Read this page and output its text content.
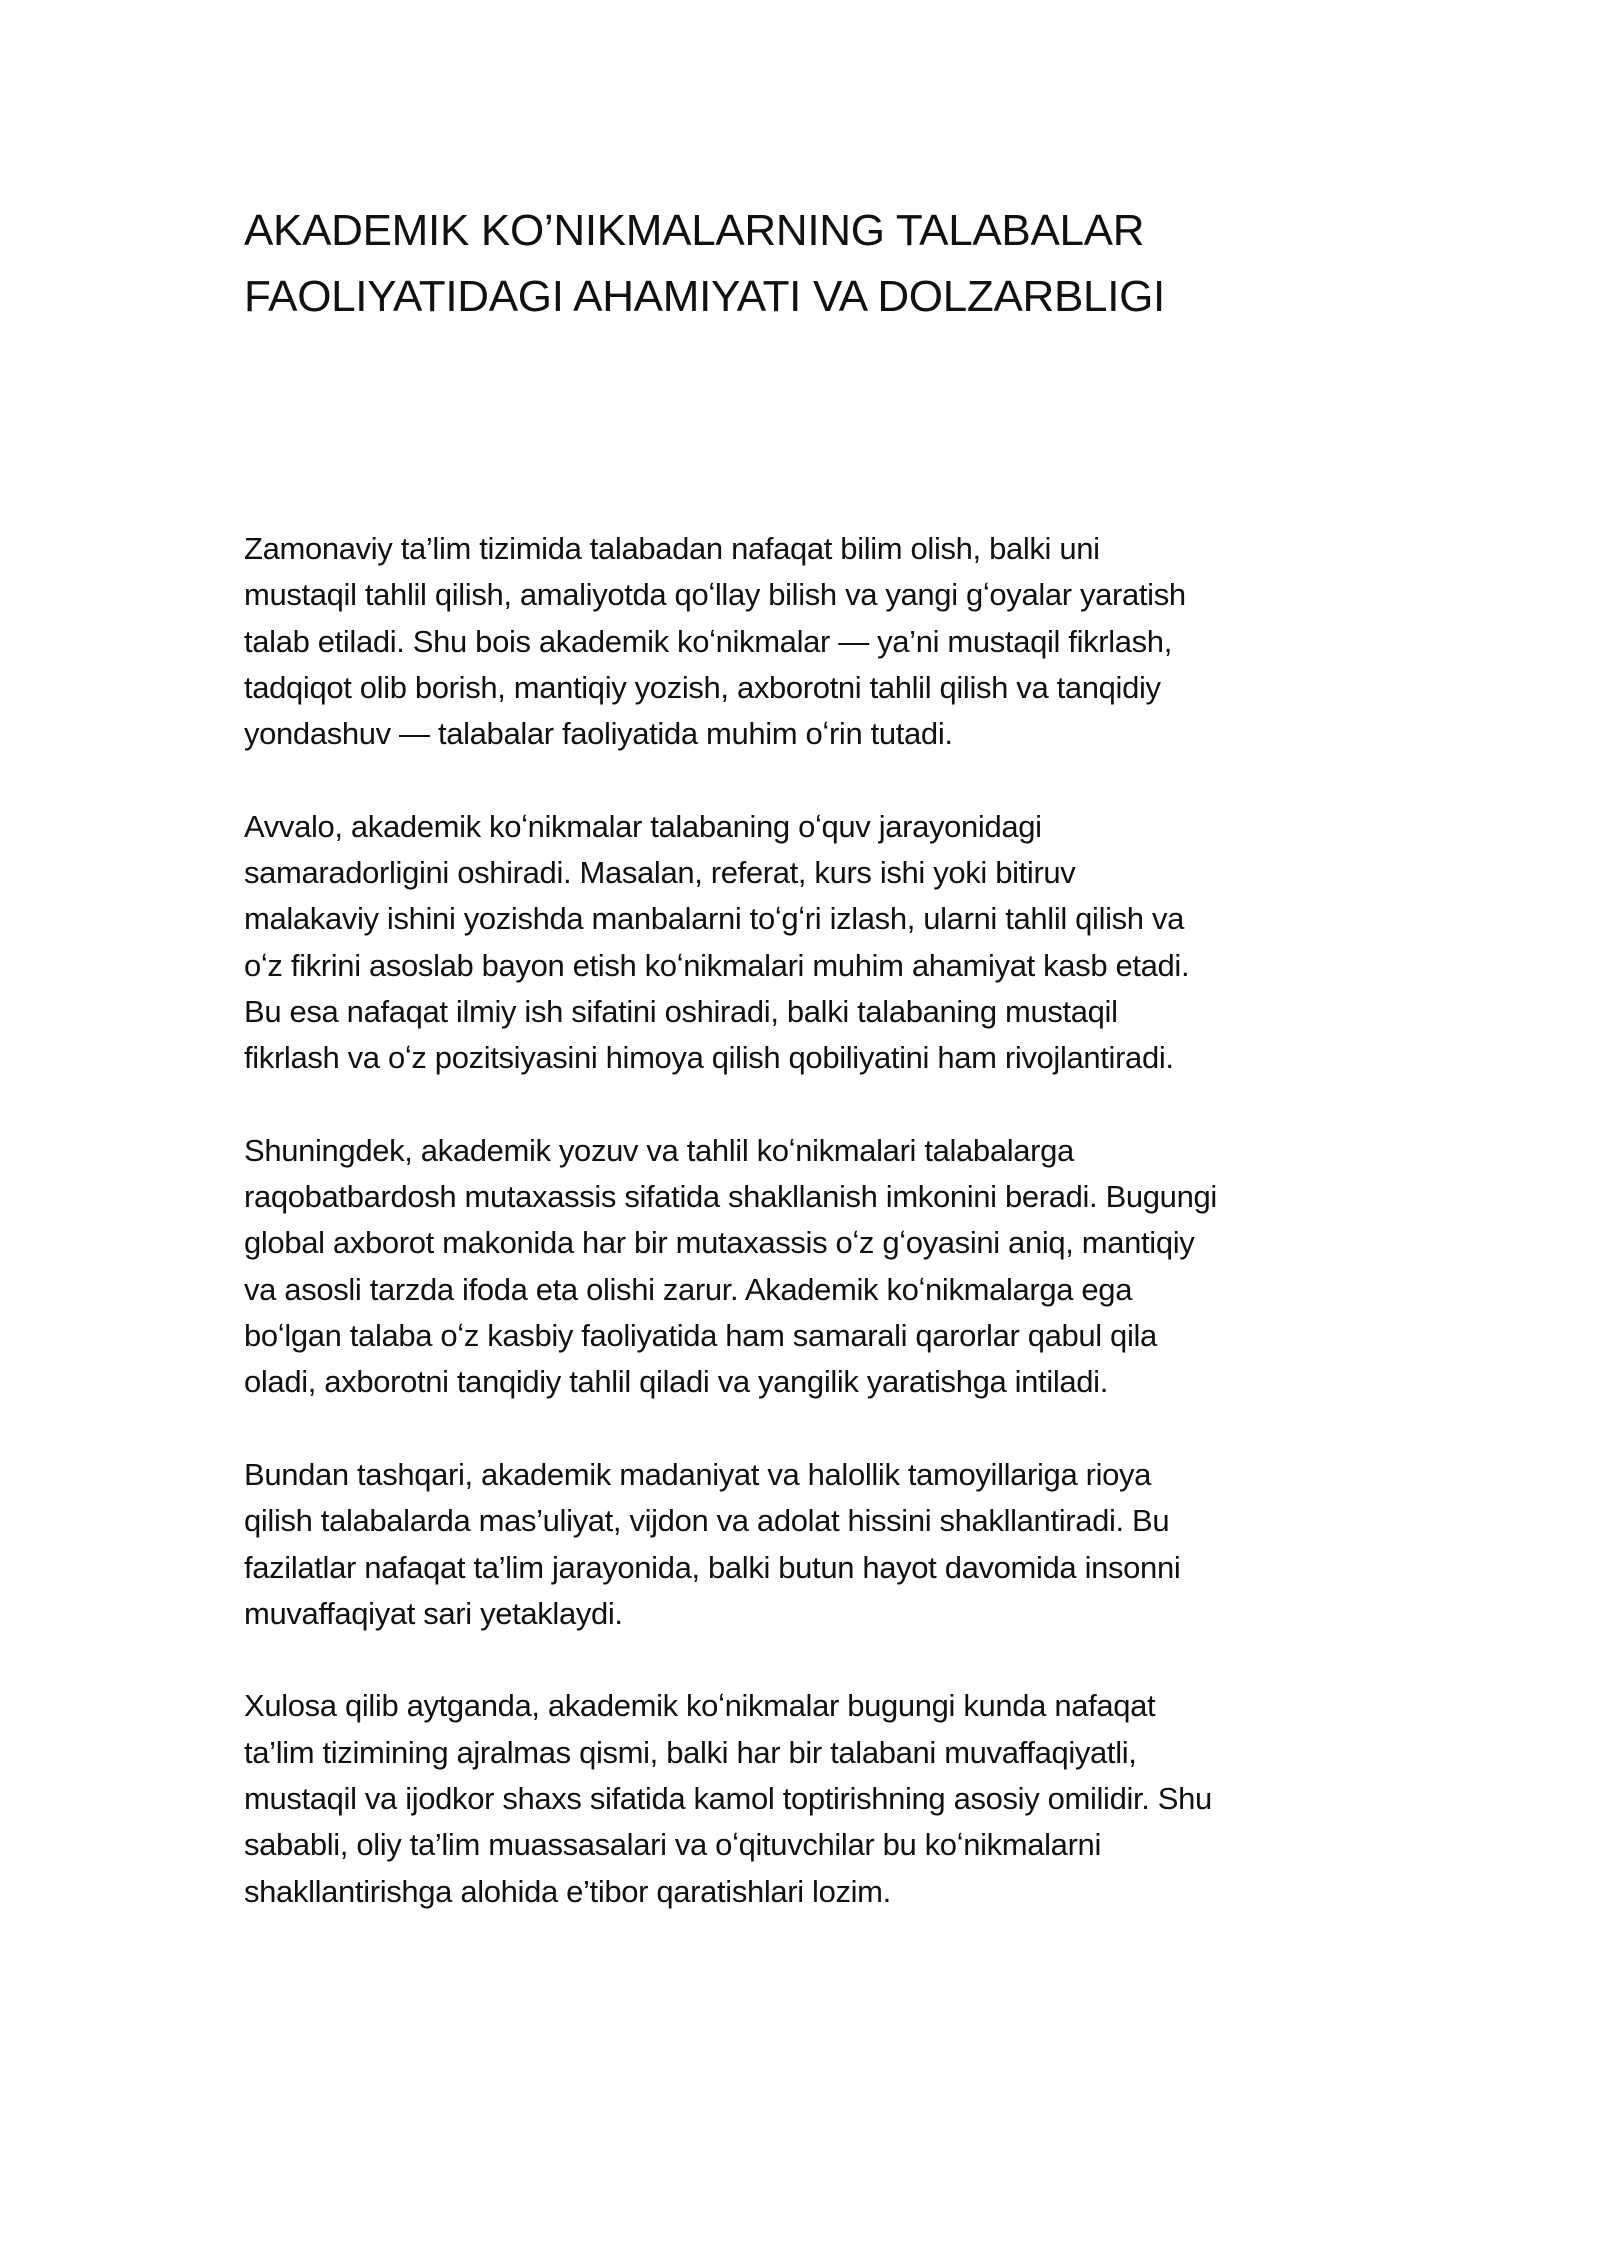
AKADEMIK KO’NIKMALARNING TALABALAR
FAOLIYATIDAGI AHAMIYATI VA DOLZARBLIGI

Zamonaviy ta’lim tizimida talabadan nafaqat bilim olish, balki uni
mustaqil tahlil qilish, amaliyotda qoʻllay bilish va yangi gʻoyalar yaratish
talab etiladi. Shu bois akademik koʻnikmalar — ya’ni mustaqil fikrlash,
tadqiqot olib borish, mantiqiy yozish, axborotni tahlil qilish va tanqidiy
yondashuv — talabalar faoliyatida muhim oʻrin tutadi.

Avvalo, akademik koʻnikmalar talabaning oʻquv jarayonidagi
samaradorligini oshiradi. Masalan, referat, kurs ishi yoki bitiruv
malakaviy ishini yozishda manbalarni toʻgʻri izlash, ularni tahlil qilish va
oʻz fikrini asoslab bayon etish koʻnikmalari muhim ahamiyat kasb etadi.
Bu esa nafaqat ilmiy ish sifatini oshiradi, balki talabaning mustaqil
fikrlash va oʻz pozitsiyasini himoya qilish qobiliyatini ham rivojlantiradi.

Shuningdek, akademik yozuv va tahlil koʻnikmalari talabalarga
raqobatbardosh mutaxassis sifatida shakllanish imkonini beradi. Bugungi
global axborot makonida har bir mutaxassis oʻz gʻoyasini aniq, mantiqiy
va asosli tarzda ifoda eta olishi zarur. Akademik koʻnikmalarga ega
boʻlgan talaba oʻz kasbiy faoliyatida ham samarali qarorlar qabul qila
oladi, axborotni tanqidiy tahlil qiladi va yangilik yaratishga intiladi.

Bundan tashqari, akademik madaniyat va halollik tamoyillariga rioya
qilish talabalarda mas’uliyat, vijdon va adolat hissini shakllantiradi. Bu
fazilatlar nafaqat ta’lim jarayonida, balki butun hayot davomida insonni
muvaffaqiyat sari yetaklaydi.

Xulosa qilib aytganda, akademik koʻnikmalar bugungi kunda nafaqat
ta’lim tizimining ajralmas qismi, balki har bir talabani muvaffaqiyatli,
mustaqil va ijodkor shaxs sifatida kamol toptirishning asosiy omilidir. Shu
sababli, oliy ta’lim muassasalari va oʻqituvchilar bu koʻnikmalarni
shakllantirishga alohida e’tibor qaratishlari lozim.
